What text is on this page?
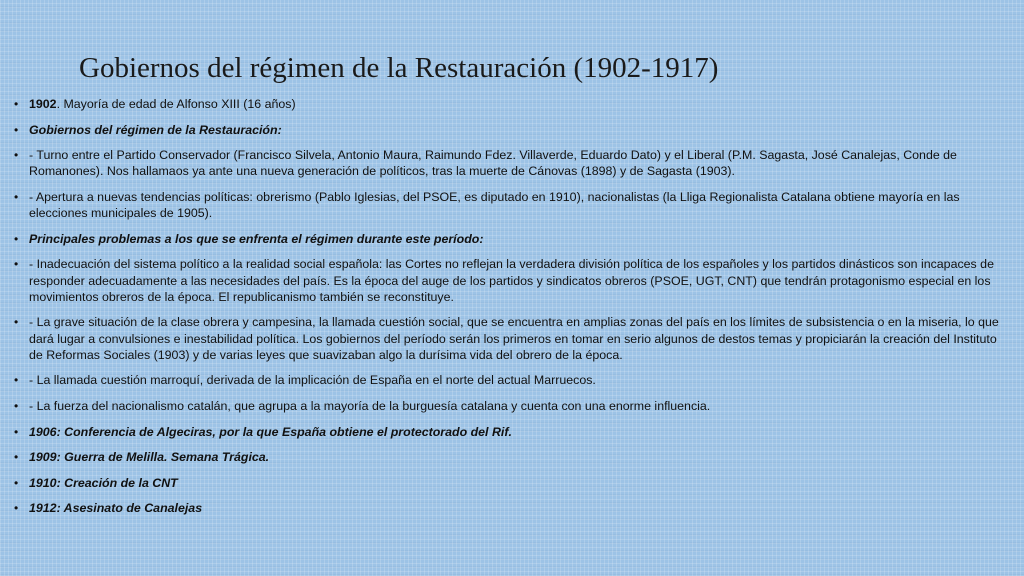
Gobiernos del régimen de la Restauración (1902-1917)
• 1902. Mayoría de edad de Alfonso XIII (16 años)
• Gobiernos del régimen de la Restauración:
• - Turno entre el Partido Conservador (Francisco Silvela, Antonio Maura, Raimundo Fdez. Villaverde, Eduardo Dato) y el Liberal (P.M. Sagasta, José Canalejas, Conde de Romanones). Nos hallamaos ya ante una nueva generación de políticos, tras la muerte de Cánovas (1898) y de Sagasta (1903).
• - Apertura a nuevas tendencias políticas: obrerismo (Pablo Iglesias, del PSOE, es diputado en 1910), nacionalistas (la Lliga Regionalista Catalana obtiene mayoría en las elecciones municipales de 1905).
• Principales problemas a los que se enfrenta el régimen durante este período:
• - Inadecuación del sistema político a la realidad social española: las Cortes no reflejan la verdadera división política de los españoles y los partidos dinásticos son incapaces de responder adecuadamente a las necesidades del país. Es la época del auge de los partidos y sindicatos obreros (PSOE, UGT, CNT) que tendrán protagonismo especial en los movimientos obreros de la época. El republicanismo también se reconstituye.
• - La grave situación de la clase obrera y campesina, la llamada cuestión social, que se encuentra en amplias zonas del país en los límites de subsistencia o en la miseria, lo que dará lugar a convulsiones e inestabilidad política. Los gobiernos del período serán los primeros en tomar en serio algunos de destos temas y propiciarán la creación del Instituto de Reformas Sociales (1903) y de varias leyes que suavizaban algo la durísima vida del obrero de la época.
• - La llamada cuestión marroquí, derivada de la implicación de España en el norte del actual Marruecos.
• - La fuerza del nacionalismo catalán, que agrupa a la mayoría de la burguesía catalana y cuenta con una enorme influencia.
• 1906: Conferencia de Algeciras, por la que España obtiene el protectorado del Rif.
• 1909: Guerra de Melilla. Semana Trágica.
• 1910: Creación de la CNT
• 1912: Asesinato de Canalejas
